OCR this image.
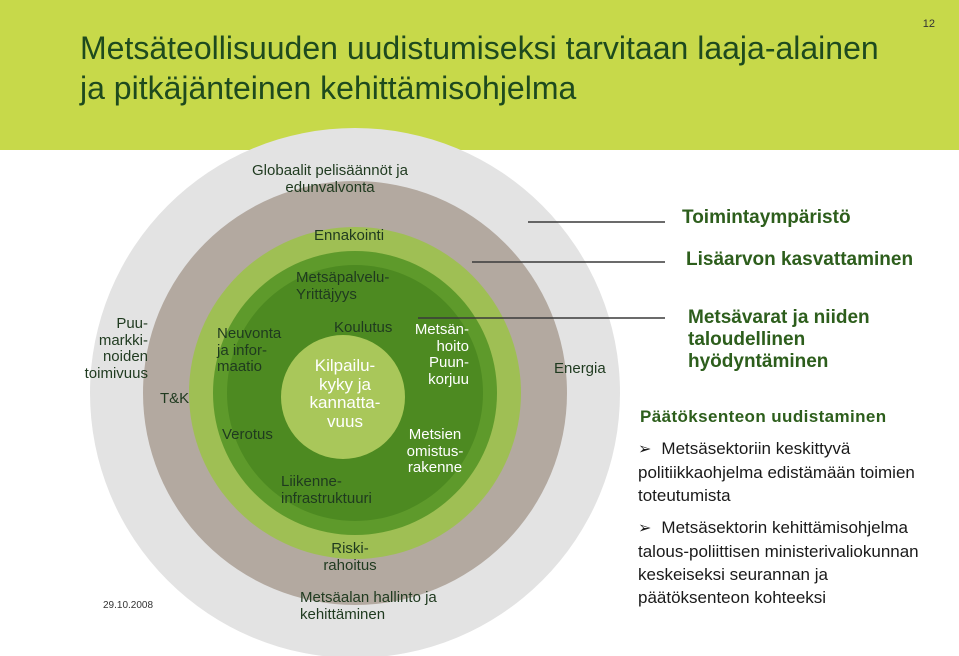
Metsäteollisuuden uudistumiseksi tarvitaan laaja-alainen ja pitkäjänteinen kehittämisohjelma
12
Puu-
markki-
noiden
toimivuus
T&K
Energia
Globaalit pelisäännöt ja
edunvalvonta
Metsäalan hallinto ja
kehittäminen
Ennakointi
Neuvonta
ja infor-
maatio
Verotus
Riski-
rahoitus
Metsäpalvelu-
Yrittäjyys
Koulutus	Metsän-
hoito
Puun-
korjuu
Metsien
omistus-
rakenne
Liikenne-
infrastruktuuri
Kilpailu-
kyky ja
kannatta-
vuus
Toimintaympäristö
Lisäarvon kasvattaminen
Metsävarat ja niiden
taloudellinen
hyödyntäminen
Päätöksenteon uudistaminen
➢ Metsäsektoriin keskittyvä politiikkaohjelma edistämään toimien toteutumista
➢ Metsäsektorin kehittämisohjelma talous-poliittisen ministerivaliokunnan keskeiseksi seurannan ja päätöksenteon kohteeksi
29.10.2008
